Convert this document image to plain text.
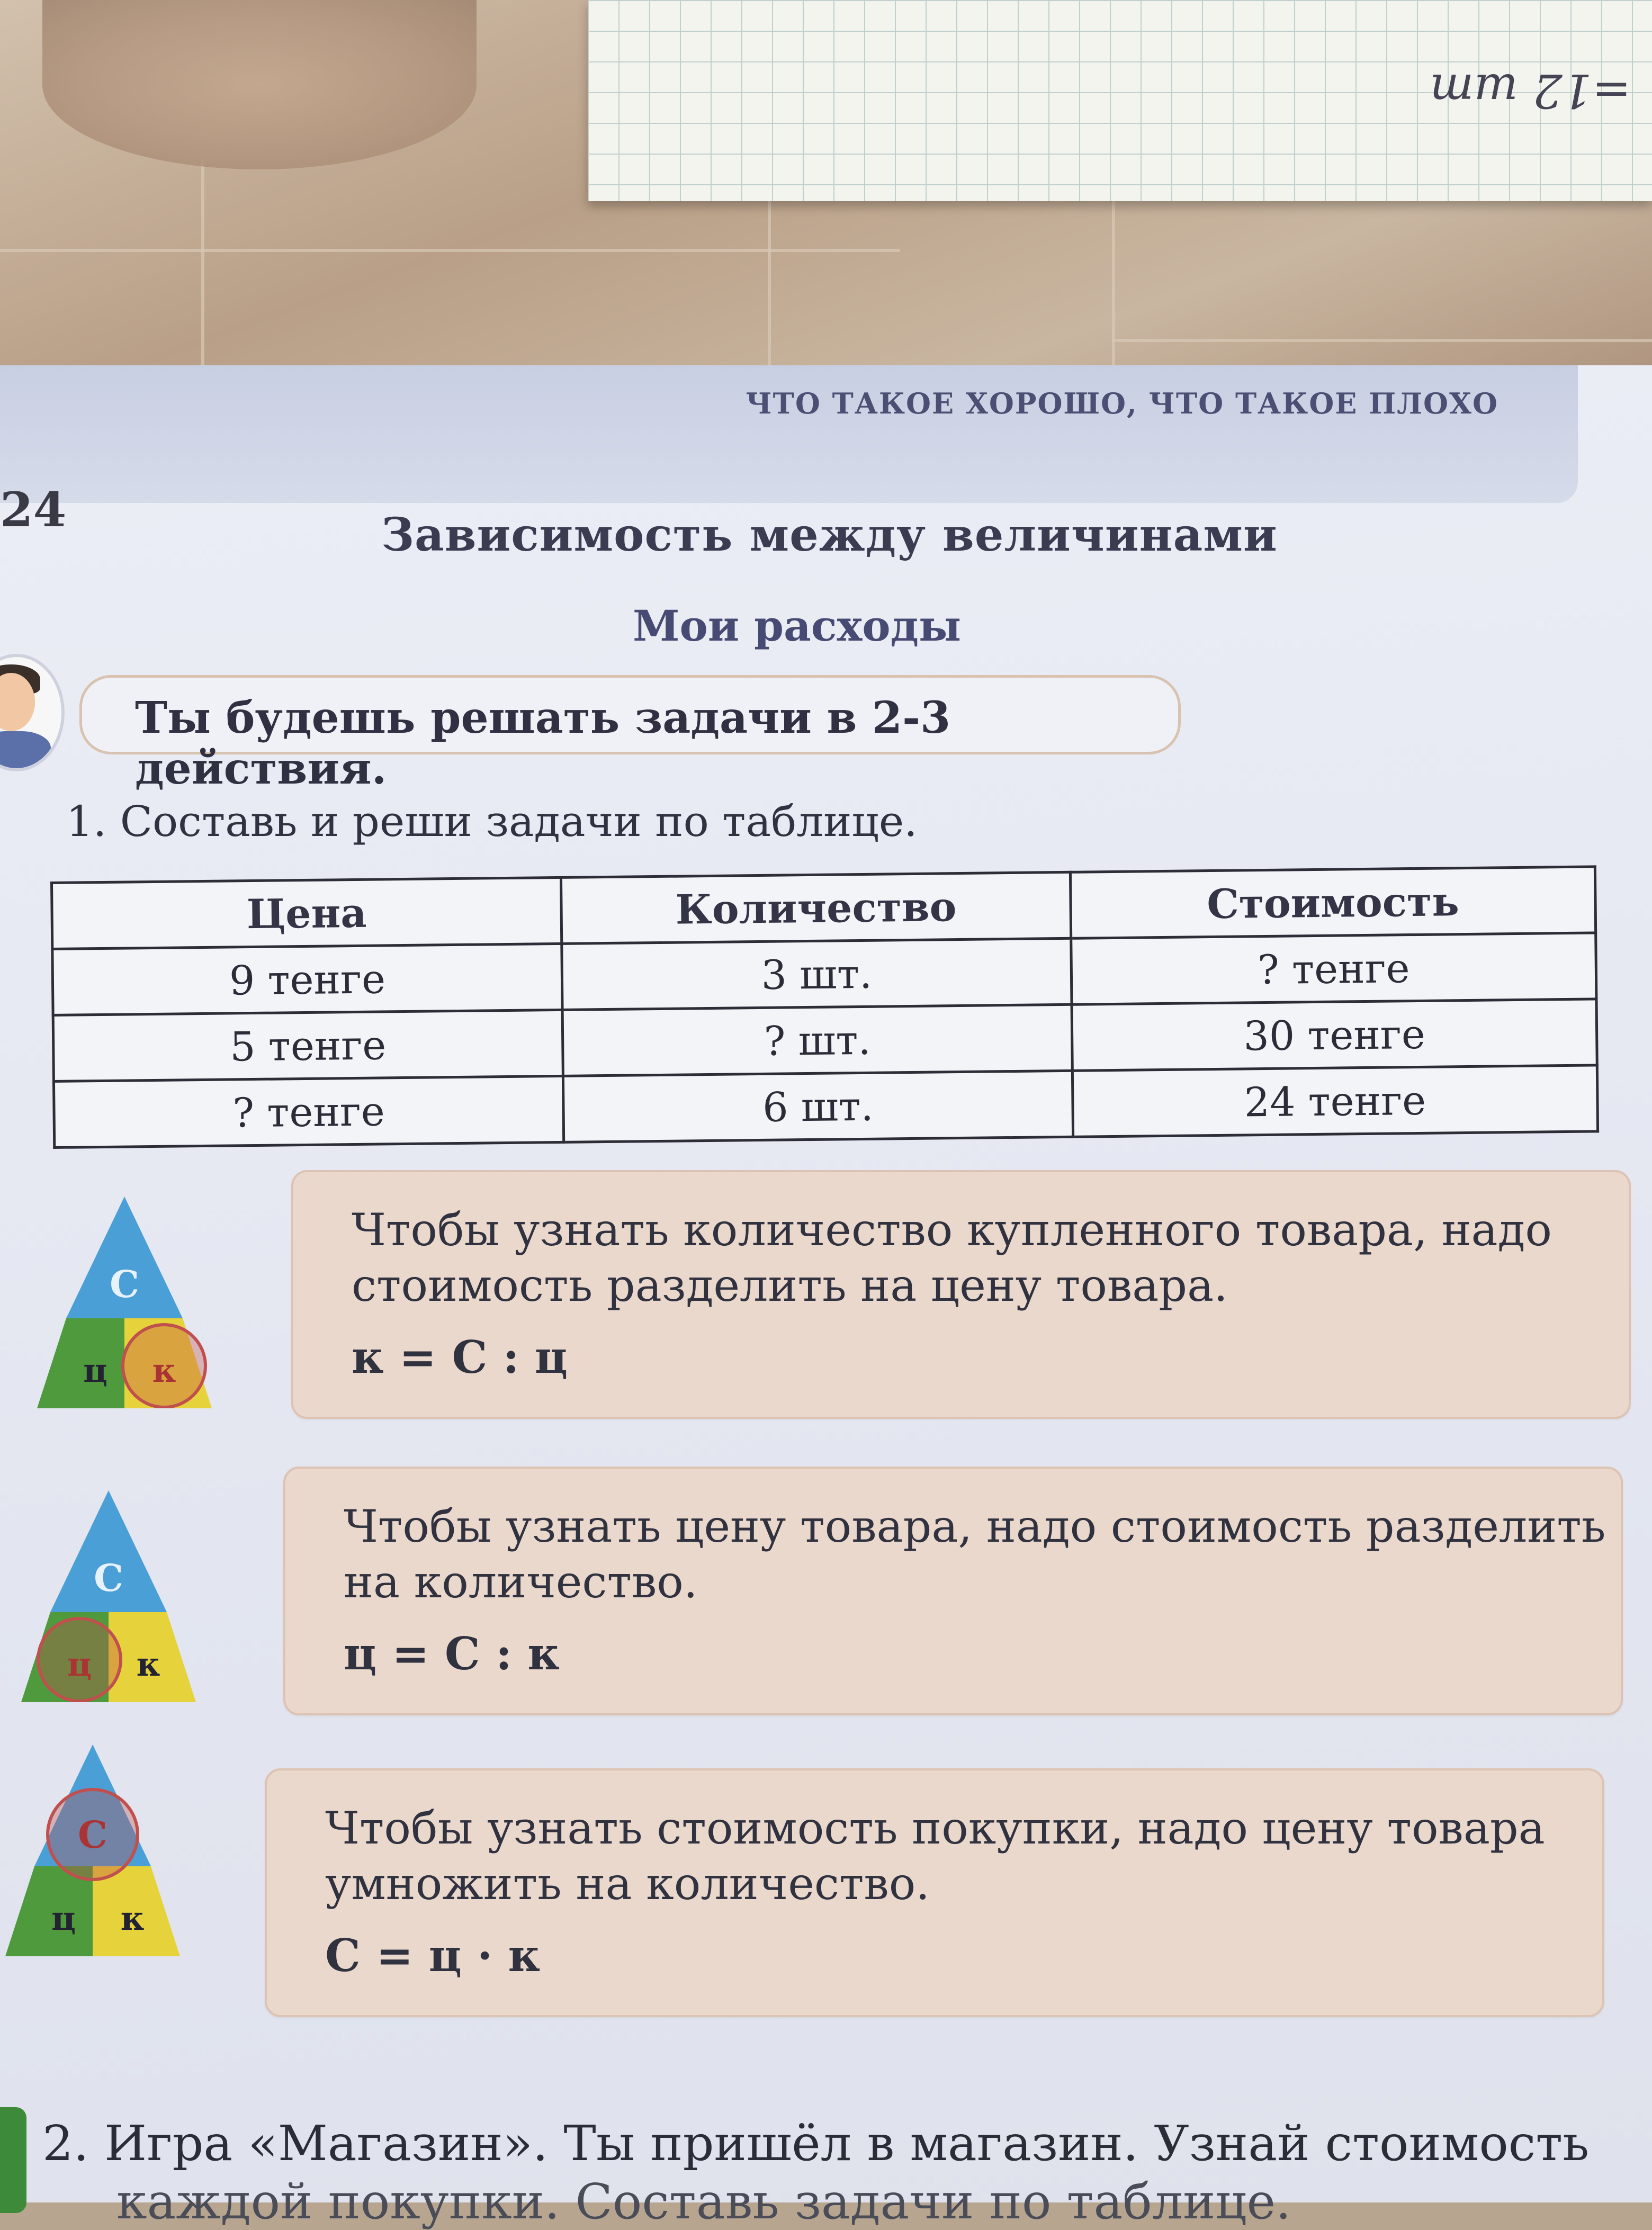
=12 шт
ЧТО ТАКОЕ ХОРОШО, ЧТО ТАКОЕ ПЛОХО
24	Зависимость между величинами
Мои расходы
Ты будешь решать задачи в 2-3 действия.
1. Составь и реши задачи по таблице.
Цена	Количество	Стоимость
9 тенге	3 шт.	? тенге
5 тенге	? шт.	30 тенге
? тенге	6 шт.	24 тенге
С
ц к
Чтобы узнать количество купленного товара, надо
стоимость разделить на цену товара.
к = С : ц
С
ц к
Чтобы узнать цену товара, надо стоимость разделить
на количество.
ц = С : к
С
ц к
Чтобы узнать стоимость покупки, надо цену товара
умножить на количество.
С = ц · к
2. Игра «Магазин». Ты пришёл в магазин. Узнай стоимость
каждой покупки. Составь задачи по таблице.
